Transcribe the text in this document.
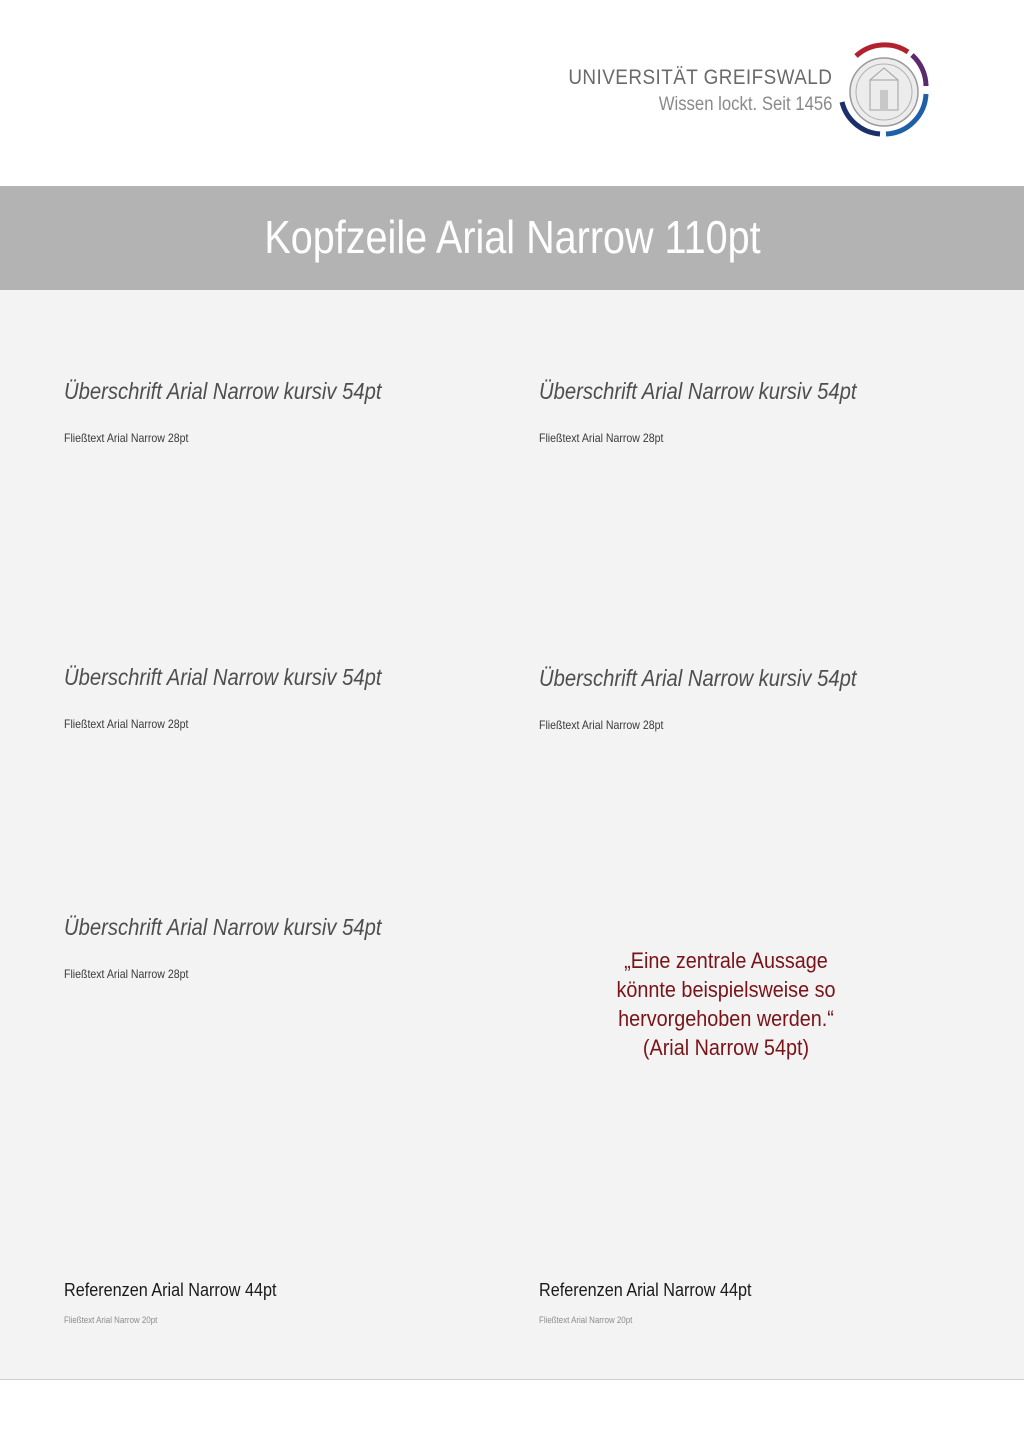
UNIVERSITÄT GREIFSWALD
Wissen lockt. Seit 1456
Kopfzeile Arial Narrow 110pt
Überschrift Arial Narrow kursiv 54pt
Fließtext Arial Narrow 28pt
Überschrift Arial Narrow kursiv 54pt
Fließtext Arial Narrow 28pt
Überschrift Arial Narrow kursiv 54pt
Fließtext Arial Narrow 28pt
Überschrift Arial Narrow kursiv 54pt
Fließtext Arial Narrow 28pt
Überschrift Arial Narrow kursiv 54pt
Fließtext Arial Narrow 28pt
„Eine zentrale Aussage
könnte beispielsweise so
hervorgehoben werden.“
(Arial Narrow 54pt)
Referenzen Arial Narrow 44pt
Fließtext Arial Narrow 20pt
Referenzen Arial Narrow 44pt
Fließtext Arial Narrow 20pt
